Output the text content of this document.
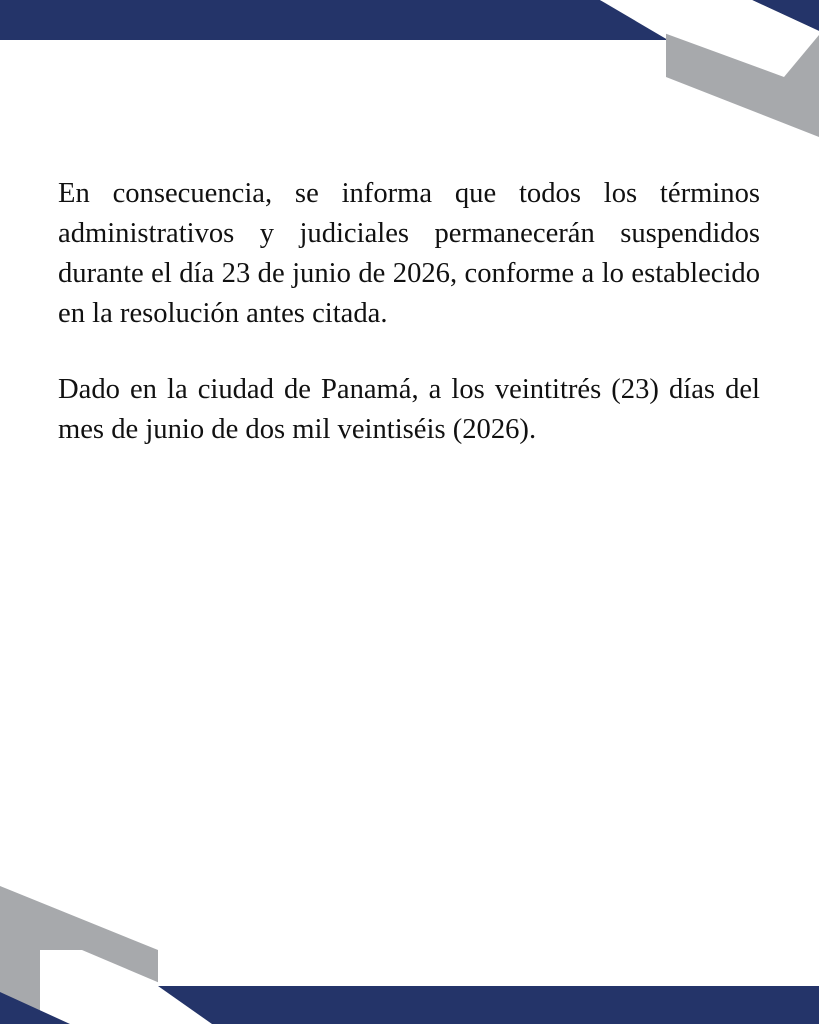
En consecuencia, se informa que todos los términos administrativos y judiciales permanecerán suspendidos durante el día 23 de junio de 2026, conforme a lo establecido en la resolución antes citada.

Dado en la ciudad de Panamá, a los veintitrés (23) días del mes de junio de dos mil veintiséis (2026).
